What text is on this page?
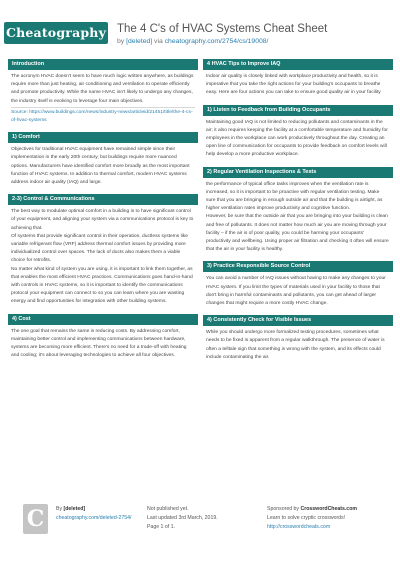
Cheatography The 4 C's of HVAC Systems Cheat Sheet
by [deleted] via cheatography.com/2754/cs/19008/
Introduction
The acronym HVAC doesn't seem to have much logic written anywhere, as buildings require more than just heating, air conditioning and ventilation to operate efficiently and promote productivity. While the name HVAC isn't likely to undergo any changes, the industry itself is evolving to leverage four main objectives.
Source: https://www.buildings.com/news/industry-news/articleid/21451/title/the-4-cs-of-hvac-systems
1) Comfort
Objectives for traditional HVAC equipment have remained simple since their implementation in the early 20th century, but buildings require more nuanced options. Manufacturers have identified comfort more broadly as the most important function of HVAC systems. In addition to thermal comfort, modern HVAC systems address indoor air quality (IAQ) and large.
2-3) Control & Communications

The best way to modulate optimal comfort in a building is to have significant control of your equipment, and aligning your system via a communications protocol is key to achieving that.

Of systems that provide significant control in their operation, ductless systems like variable refrigerant flow (VRF) address thermal comfort issues by providing more individualized control over spaces. The lack of ducts also makes them a viable choice for retrofits.

No matter what kind of system you are using, it is important to link them together, as that enables the most efficient HVAC practices. Communications goes hand-in-hand with controls in HVAC systems, so it is important to identify the communications protocol your equipment can connect to so you can learn where you are wasting energy and find opportunities for integration with other building systems.

4) Cost
The one goal that remains the same is reducing costs. By addressing comfort, maintaining better control and implementing communications between hardware, systems are becoming more efficient. There's no need for a trade-off with heating and cooling; it's about leveraging technologies to achieve all four objectives.
4 HVAC Tips to Improve IAQ
Indoor air quality is closely linked with workplace productivity and health, so it is imperative that you take the right actions for your building's occupants to breathe easy. Here are four actions you can take to ensure good quality air in your facility
1) Listen to Feedback from Building Occupants
Maintaining good IAQ is not limited to reducing pollutants and contaminants in the air; it also requires keeping the facility at a comfortable temperature and humidity for employees in the workplace can work productively throughout the day. Creating an open line of communication for occupants to provide feedback on comfort levels will help develop a more productive workplace.
2) Regular Ventilation Inspections & Tests

the performance of typical office tasks improves when the ventilation rate is increased, so it is important to be proactive with regular ventilation testing. Make sure that you are bringing in enough outside air and that the building is airtight, as higher ventilation rates improve productivity and cognitive function.

However, be sure that the outside air that you are bringing into your building is clean and free of pollutants. It does not matter how much air you are moving through your facility – if the air is of poor quality, you could be harming your occupants' productivity and wellbeing. Using proper air filtration and checking it often will ensure that the air in your facility is healthy.

3) Practice Responsible Source Control
You can avoid a number of IAQ issues without having to make any changes to your HVAC system. If you limit the types of materials used in your facility to those that don't bring in harmful contaminants and pollutants, you can get ahead of larger changes that might require a more costly HVAC change.
4) Consistently Check for Visible Issues
While you should undergo more formalized testing procedures, sometimes what needs to be fixed is apparent from a regular walkthrough. The presence of water is often a telltale sign that something is wrong with the system, and its effects could include contaminating the air.
C	By [deleted]
cheatography.com/deleted-2754/
Not published yet.
Last updated 3rd March, 2019.
Page 1 of 1.
Sponsored by CrosswordCheats.com
Learn to solve cryptic crosswords!
http://crosswordcheats.com
